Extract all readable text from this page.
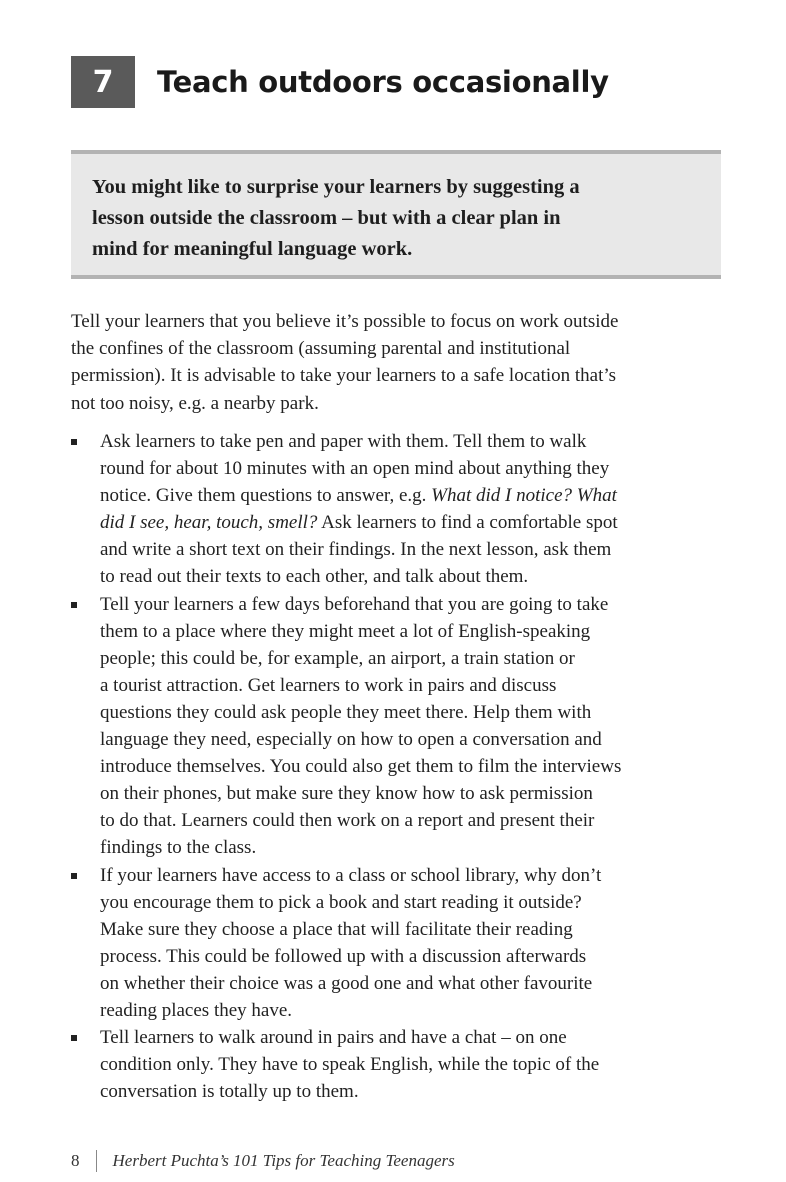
7	Teach outdoors occasionally

You might like to surprise your learners by suggesting a
lesson outside the classroom – but with a clear plan in
mind for meaningful language work.

Tell your learners that you believe it’s possible to focus on work outside
the confines of the classroom (assuming parental and institutional
permission). It is advisable to take your learners to a safe location that’s
not too noisy, e.g. a nearby park.

Ask learners to take pen and paper with them. Tell them to walk
round for about 10 minutes with an open mind about anything they
notice. Give them questions to answer, e.g. What did I notice? What
did I see, hear, touch, smell? Ask learners to find a comfortable spot
and write a short text on their findings. In the next lesson, ask them
to read out their texts to each other, and talk about them.
Tell your learners a few days beforehand that you are going to take
them to a place where they might meet a lot of English-speaking
people; this could be, for example, an airport, a train station or
a tourist attraction. Get learners to work in pairs and discuss
questions they could ask people they meet there. Help them with
language they need, especially on how to open a conversation and
introduce themselves. You could also get them to film the interviews
on their phones, but make sure they know how to ask permission
to do that. Learners could then work on a report and present their
findings to the class.
If your learners have access to a class or school library, why don’t
you encourage them to pick a book and start reading it outside?
Make sure they choose a place that will facilitate their reading
process. This could be followed up with a discussion afterwards
on whether their choice was a good one and what other favourite
reading places they have.
Tell learners to walk around in pairs and have a chat – on one
condition only. They have to speak English, while the topic of the
conversation is totally up to them.
8 Herbert Puchta’s 101 Tips for Teaching Teenagers
